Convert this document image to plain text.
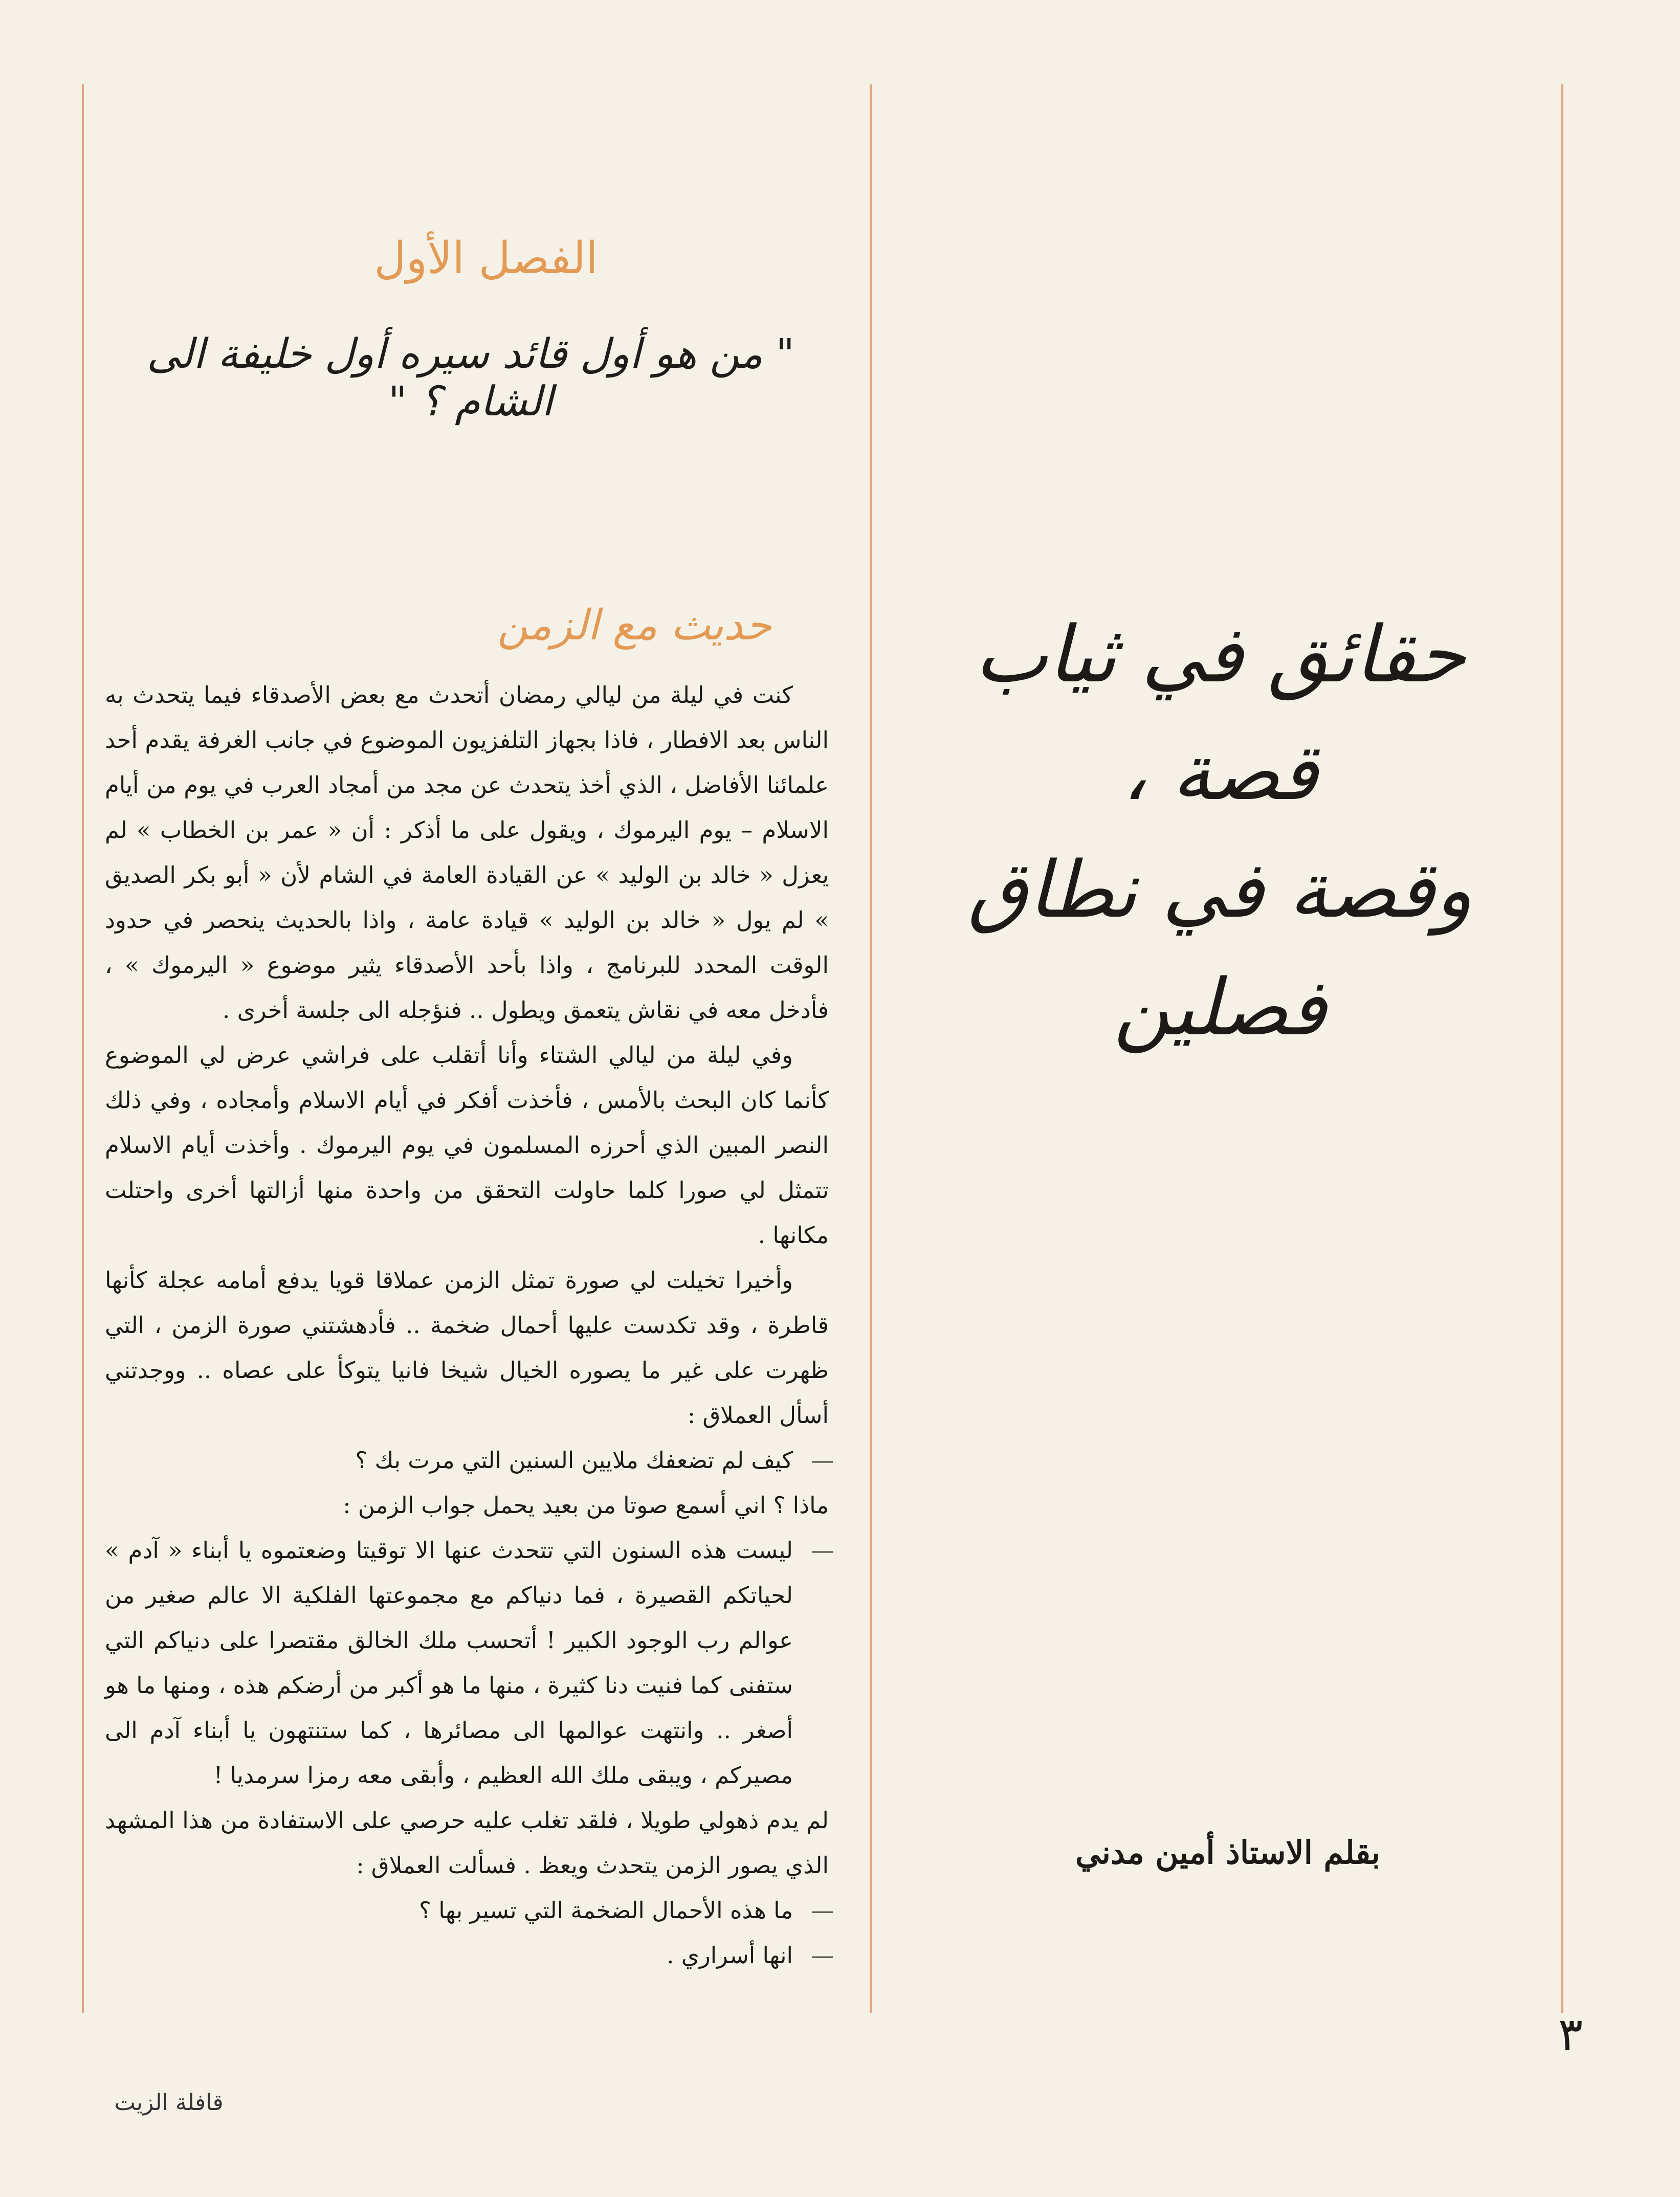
الفصل الأول
" من هو أول قائد سيره أول خليفة الى الشام ؟ "
حديث مع الزمن

كنت في ليلة من ليالي رمضان أتحدث مع بعض الأصدقاء فيما يتحدث به الناس بعد الافطار ، فاذا بجهاز التلفزيون الموضوع في جانب الغرفة يقدم أحد علمائنا الأفاضل ، الذي أخذ يتحدث عن مجد من أمجاد العرب في يوم من أيام الاسلام – يوم اليرموك ، ويقول على ما أذكر : أن « عمر بن الخطاب » لم يعزل « خالد بن الوليد » عن القيادة العامة في الشام لأن « أبو بكر الصديق » لم يول « خالد بن الوليد » قيادة عامة ، واذا بالحديث ينحصر في حدود الوقت المحدد للبرنامج ، واذا بأحد الأصدقاء يثير موضوع « اليرموك » ، فأدخل معه في نقاش يتعمق ويطول .. فنؤجله الى جلسة أخرى .

وفي ليلة من ليالي الشتاء وأنا أتقلب على فراشي عرض لي الموضوع كأنما كان البحث بالأمس ، فأخذت أفكر في أيام الاسلام وأمجاده ، وفي ذلك النصر المبين الذي أحرزه المسلمون في يوم اليرموك . وأخذت أيام الاسلام تتمثل لي صورا كلما حاولت التحقق من واحدة منها أزالتها أخرى واحتلت مكانها .

وأخيرا تخيلت لي صورة تمثل الزمن عملاقا قويا يدفع أمامه عجلة كأنها قاطرة ، وقد تكدست عليها أحمال ضخمة .. فأدهشتني صورة الزمن ، التي ظهرت على غير ما يصوره الخيال شيخا فانيا يتوكأ على عصاه .. ووجدتني أسأل العملاق :

— كيف لم تضعفك ملايين السنين التي مرت بك ؟

ماذا ؟ اني أسمع صوتا من بعيد يحمل جواب الزمن :

— ليست هذه السنون التي تتحدث عنها الا توقيتا وضعتموه يا أبناء « آدم » لحياتكم القصيرة ، فما دنياكم مع مجموعتها الفلكية الا عالم صغير من عوالم رب الوجود الكبير ! أتحسب ملك الخالق مقتصرا على دنياكم التي ستفنى كما فنيت دنا كثيرة ، منها ما هو أكبر من أرضكم هذه ، ومنها ما هو أصغر .. وانتهت عوالمها الى مصائرها ، كما ستنتهون يا أبناء آدم الى مصيركم ، ويبقى ملك الله العظيم ، وأبقى معه رمزا سرمديا !

لم يدم ذهولي طويلا ، فلقد تغلب عليه حرصي على الاستفادة من هذا المشهد الذي يصور الزمن يتحدث ويعظ . فسألت العملاق :

— ما هذه الأحمال الضخمة التي تسير بها ؟

— انها أسراري .

حقائق في ثياب قصة ،
وقصة في نطاق فصلين
بقلم الاستاذ أمين مدني
٣
قافلة الزيت
